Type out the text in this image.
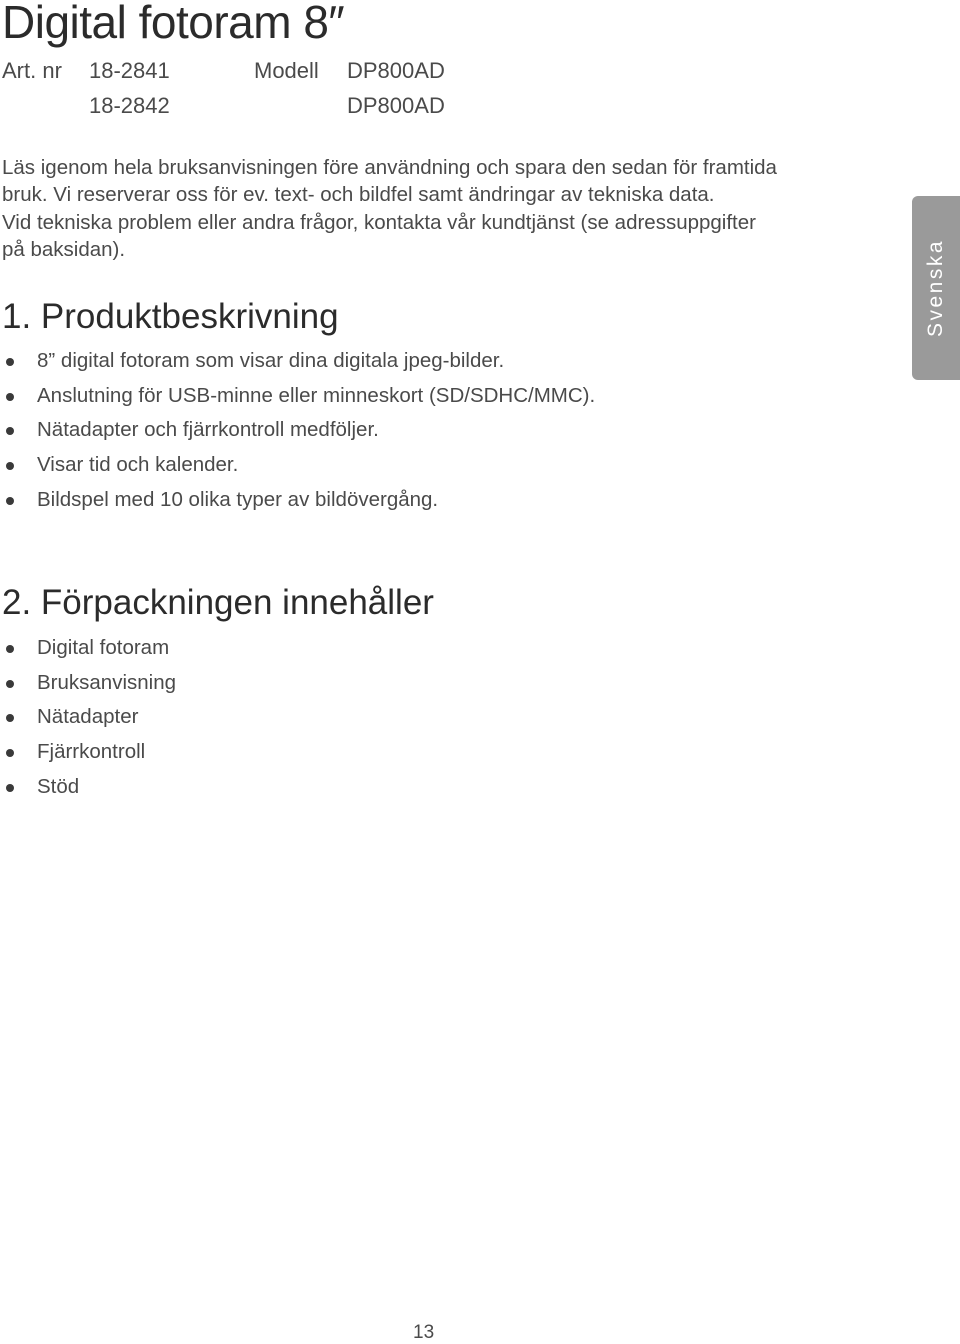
Digital fotoram 8″
Art. nr 18-2841	Modell DP800AD
18-2842	DP800AD
Läs igenom hela bruksanvisningen före användning och spara den sedan för framtida
bruk. Vi reserverar oss för ev. text- och bildfel samt ändringar av tekniska data.
Vid tekniska problem eller andra frågor, kontakta vår kundtjänst (se adressuppgifter
på baksidan).
1. Produktbeskrivning
8” digital fotoram som visar dina digitala jpeg-bilder.
Anslutning för USB-minne eller minneskort (SD/SDHC/MMC).
Nätadapter och fjärrkontroll medföljer.
Visar tid och kalender.
Bildspel med 10 olika typer av bildövergång.
2. Förpackningen innehåller
Digital fotoram
Bruksanvisning
Nätadapter
Fjärrkontroll
Stöd
Svenska
13
